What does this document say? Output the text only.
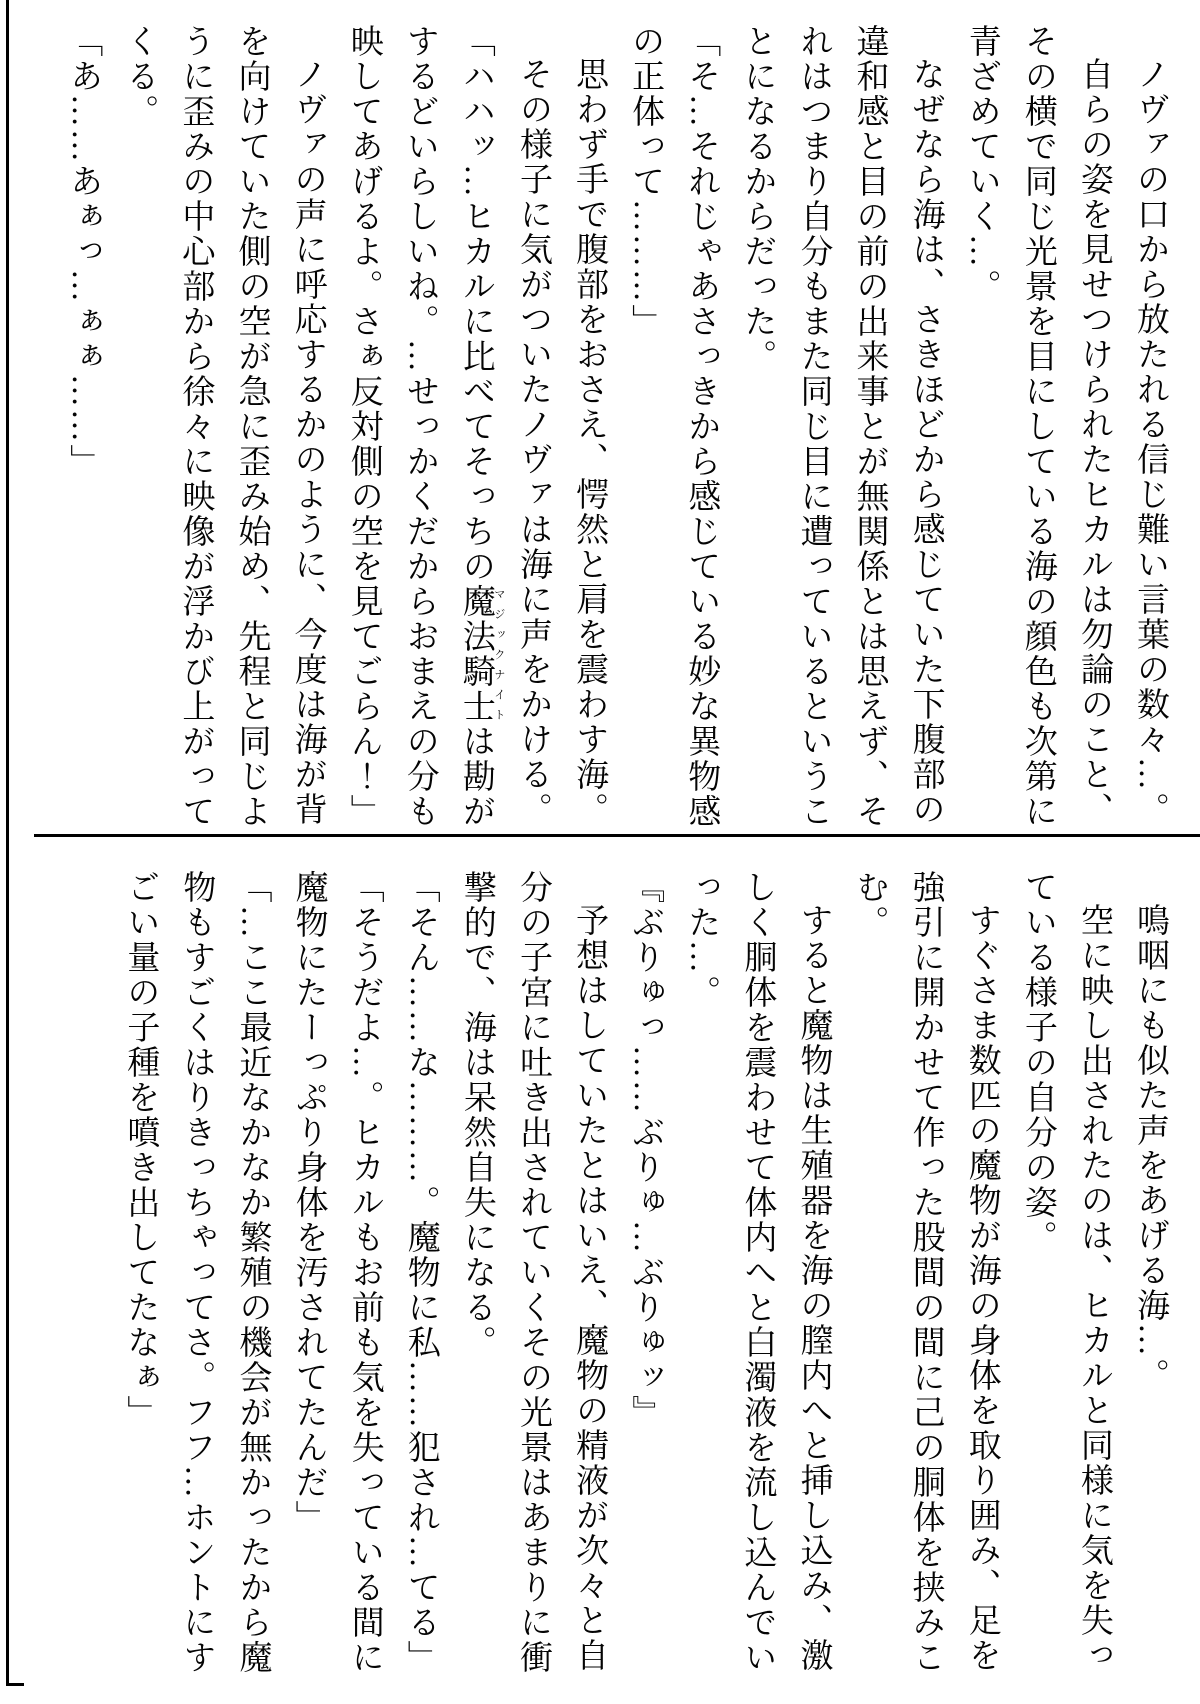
ノヴァの口から放たれる信じ難い言葉の数々…。

自らの姿を見せつけられたヒカルは勿論のこと、その横で同じ光景を目にしている海の顔色も次第に青ざめていく…。

なぜなら海は、さきほどから感じていた下腹部の違和感と目の前の出来事とが無関係とは思えず、それはつまり自分もまた同じ目に遭っているということになるからだった。

「そ…それじゃあさっきから感じている妙な異物感の正体って………」

思わず手で腹部をおさえ、愕然と肩を震わす海。

その様子に気がついたノヴァは海に声をかける。

「ハハッ…ヒカルに比べてそっちの魔法騎士 マジックナイトは勘がするどいらしいね。…せっかくだからおまえの分も映してあげるよ。さぁ反対側の空を見てごらん！」

ノヴァの声に呼応するかのように、今度は海が背を向けていた側の空が急に歪み始め、先程と同じように歪みの中心部から徐々に映像が浮かび上がってくる。

「あ……あぁっ…ぁぁ……」

鳴咽にも似た声をあげる海…。

空に映し出されたのは、ヒカルと同様に気を失っている様子の自分の姿。

すぐさま数匹の魔物が海の身体を取り囲み、足を強引に開かせて作った股間の間に己の胴体を挟みこむ。

すると魔物は生殖器を海の膣内へと挿し込み、激しく胴体を震わせて体内へと白濁液を流し込んでいった…。

『ぶりゅっ……ぶりゅ…ぶりゅッ』

予想はしていたとはいえ、魔物の精液が次々と自分の子宮に吐き出されていくその光景はあまりに衝撃的で、海は呆然自失になる。

「そん……な………。魔物に私……犯され…てる」

「そうだよ…。ヒカルもお前も気を失っている間に魔物にたーっぷり身体を汚されてたんだ」

「…ここ最近なかなか繁殖の機会が無かったから魔物もすごくはりきっちゃってさ。フフ…ホントにすごい量の子種を噴き出してたなぁ」
